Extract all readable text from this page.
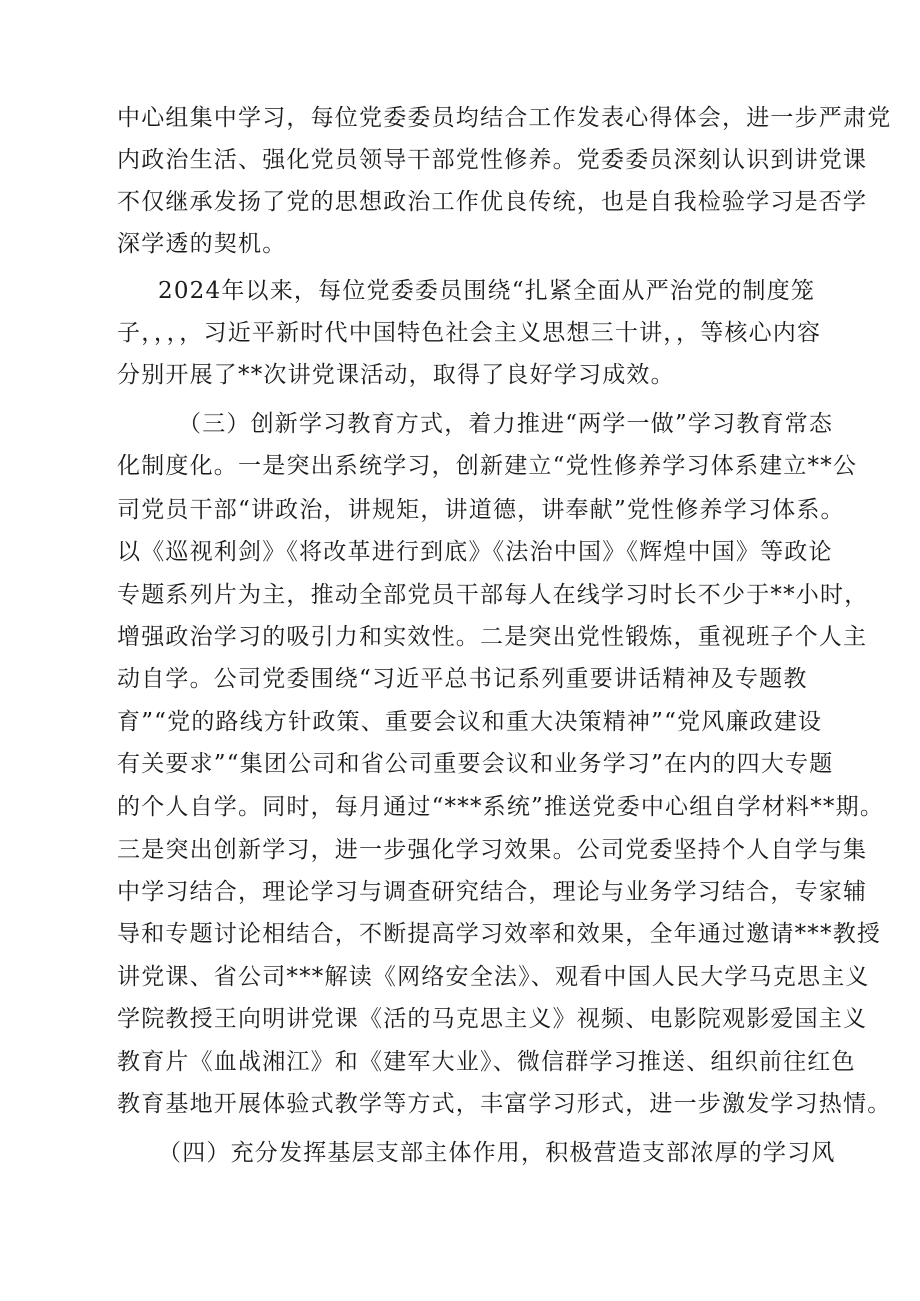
中心组集中学习，每位党委委员均结合工作发表心得体会，进一步严肃党
内政治生活、强化党员领导干部党性修养。党委委员深刻认识到讲党课
不仅继承发扬了党的思想政治工作优良传统，也是自我检验学习是否学
深学透的契机。
2024年以来，每位党委委员围绕“扎紧全面从严治党的制度笼
子，，，，习近平新时代中国特色社会主义思想三十讲，，等核心内容
分别开展了**次讲党课活动，取得了良好学习成效。
（三）创新学习教育方式，着力推进“两学一做”学习教育常态
化制度化。一是突出系统学习，创新建立“党性修养学习体系建立**公
司党员干部“讲政治，讲规矩，讲道德，讲奉献”党性修养学习体系。
以《巡视利剑》《将改革进行到底》《法治中国》《辉煌中国》等政论
专题系列片为主，推动全部党员干部每人在线学习时长不少于**小时，
增强政治学习的吸引力和实效性。二是突出党性锻炼，重视班子个人主
动自学。公司党委围绕“习近平总书记系列重要讲话精神及专题教
育”“党的路线方针政策、重要会议和重大决策精神”“党风廉政建设
有关要求”“集团公司和省公司重要会议和业务学习”在内的四大专题
的个人自学。同时，每月通过“***系统”推送党委中心组自学材料**期。
三是突出创新学习，进一步强化学习效果。公司党委坚持个人自学与集
中学习结合，理论学习与调查研究结合，理论与业务学习结合，专家辅
导和专题讨论相结合，不断提高学习效率和效果，全年通过邀请***教授
讲党课、省公司***解读《网络安全法》、观看中国人民大学马克思主义
学院教授王向明讲党课《活的马克思主义》视频、电影院观影爱国主义
教育片《血战湘江》和《建军大业》、微信群学习推送、组织前往红色
教育基地开展体验式教学等方式，丰富学习形式，进一步激发学习热情。
（四）充分发挥基层支部主体作用，积极营造支部浓厚的学习风
